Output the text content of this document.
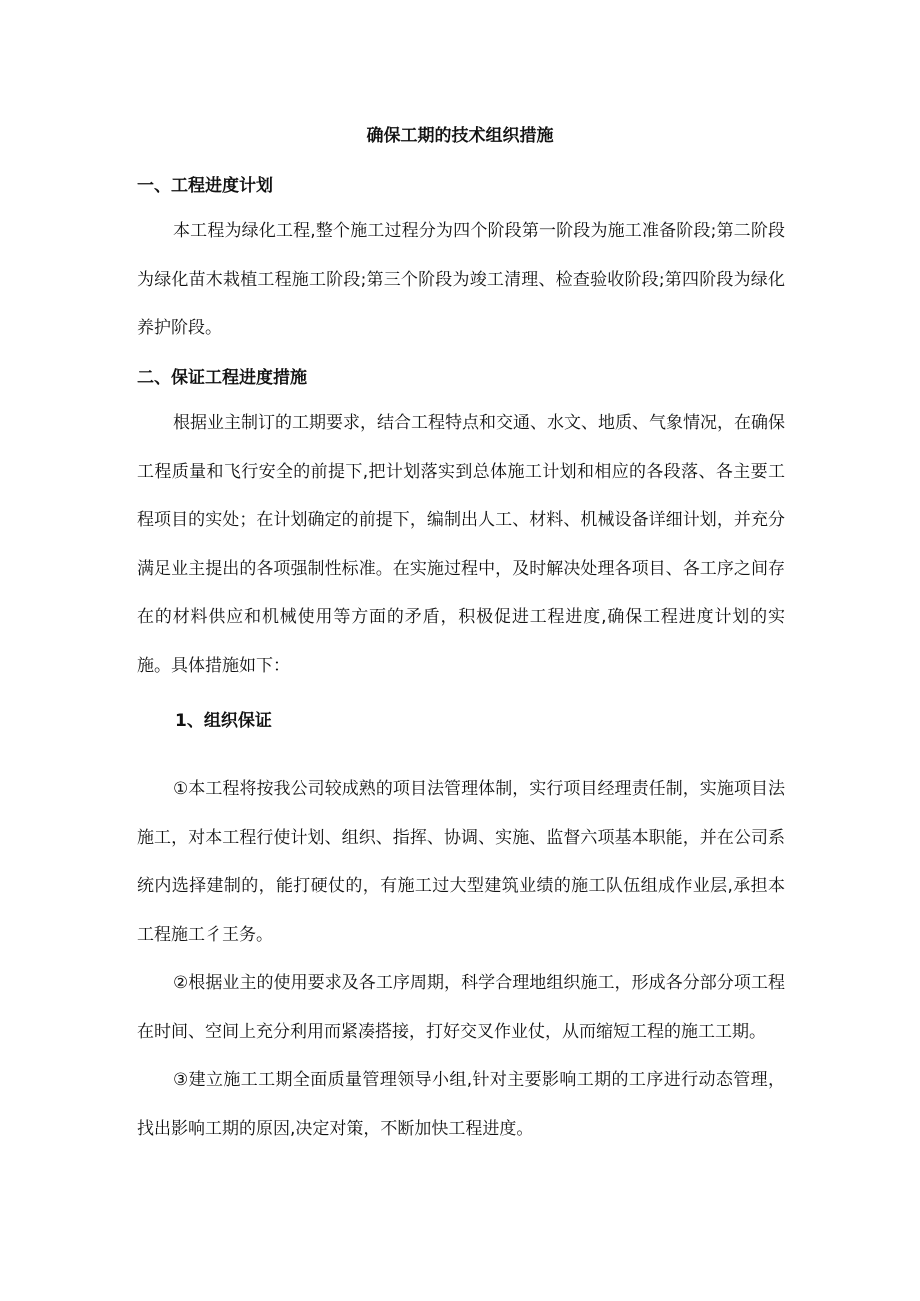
确保工期的技术组织措施
一、工程进度计划
本工程为绿化工程,整个施工过程分为四个阶段第一阶段为施工准备阶段;第二阶段为绿化苗木栽植工程施工阶段;第三个阶段为竣工清理、检查验收阶段;第四阶段为绿化养护阶段。
二、保证工程进度措施
根据业主制订的工期要求，结合工程特点和交通、水文、地质、气象情况，在确保工程质量和飞行安全的前提下,把计划落实到总体施工计划和相应的各段落、各主要工程项目的实处；在计划确定的前提下，编制出人工、材料、机械设备详细计划，并充分满足业主提出的各项强制性标准。在实施过程中，及时解决处理各项目、各工序之间存在的材料供应和机械使用等方面的矛盾，积极促进工程进度,确保工程进度计划的实施。具体措施如下：
1、组织保证
①本工程将按我公司较成熟的项目法管理体制，实行项目经理责任制，实施项目法施工，对本工程行使计划、组织、指挥、协调、实施、监督六项基本职能，并在公司系统内选择建制的，能打硬仗的，有施工过大型建筑业绩的施工队伍组成作业层,承担本工程施工彳王务。
②根据业主的使用要求及各工序周期，科学合理地组织施工，形成各分部分项工程在时间、空间上充分利用而紧凑搭接，打好交叉作业仗，从而缩短工程的施工工期。
③建立施工工期全面质量管理领导小组,针对主要影响工期的工序进行动态管理，找出影响工期的原因,决定对策，不断加快工程进度。
